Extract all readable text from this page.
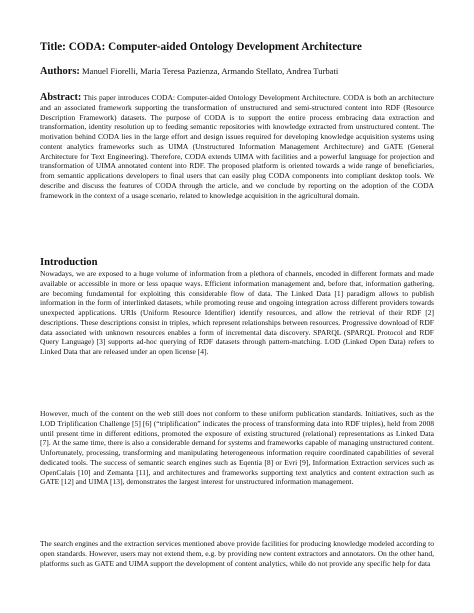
Title: CODA: Computer-aided Ontology Development Architecture
Authors: Manuel Fiorelli, Maria Teresa Pazienza, Armando Stellato, Andrea Turbati
Abstract: This paper introduces CODA: Computer-aided Ontology Development Architecture. CODA is both an architecture and an associated framework supporting the transformation of unstructured and semi-structured content into RDF (Resource Description Framework) datasets. The purpose of CODA is to support the entire process embracing data extraction and transformation, identity resolution up to feeding semantic repositories with knowledge extracted from unstructured content. The motivation behind CODA lies in the large effort and design issues required for developing knowledge acquisition systems using content analytics frameworks such as UIMA (Unstructured Information Management Architecture) and GATE (General Architecture for Text Engineering). Therefore, CODA extends UIMA with facilities and a powerful language for projection and transformation of UIMA annotated content into RDF. The proposed platform is oriented towards a wide range of beneficiaries, from semantic applications developers to final users that can easily plug CODA components into compliant desktop tools. We describe and discuss the features of CODA through the article, and we conclude by reporting on the adoption of the CODA framework in the context of a usage scenario, related to knowledge acquisition in the agricultural domain.
Introduction
Nowadays, we are exposed to a huge volume of information from a plethora of channels, encoded in different formats and made available or accessible in more or less opaque ways. Efficient information management and, before that, information gathering, are becoming fundamental for exploiting this considerable flow of data. The Linked Data [1] paradigm allows to publish information in the form of interlinked datasets, while promoting reuse and ongoing integration across different providers towards unexpected applications. URIs (Uniform Resource Identifier) identify resources, and allow the retrieval of their RDF [2] descriptions. These descriptions consist in triples, which represent relationships between resources. Progressive download of RDF data associated with unknown resources enables a form of incremental data discovery. SPARQL (SPARQL Protocol and RDF Query Language) [3] supports ad-hoc querying of RDF datasets through pattern-matching. LOD (Linked Open Data) refers to Linked Data that are released under an open license [4].
However, much of the content on the web still does not conform to these uniform publication standards. Initiatives, such as the LOD Triplification Challenge [5] [6] (“triplification” indicates the process of transforming data into RDF triples), held from 2008 until present time in different editions, promoted the exposure of existing structured (relational) representations as Linked Data [7]. At the same time, there is also a considerable demand for systems and frameworks capable of managing unstructured content. Unfortunately, processing, transforming and manipulating heterogeneous information require coordinated capabilities of several dedicated tools. The success of semantic search engines such as Eqentia [8] or Evri [9], Information Extraction services such as OpenCalais [10] and Zemanta [11], and architectures and frameworks supporting text analytics and content extraction such as GATE [12] and UIMA [13], demonstrates the largest interest for unstructured information management.
The search engines and the extraction services mentioned above provide facilities for producing knowledge modeled according to open standards. However, users may not extend them, e.g. by providing new content extractors and annotators. On the other hand, platforms such as GATE and UIMA support the development of content analytics, while do not provide any specific help for data
